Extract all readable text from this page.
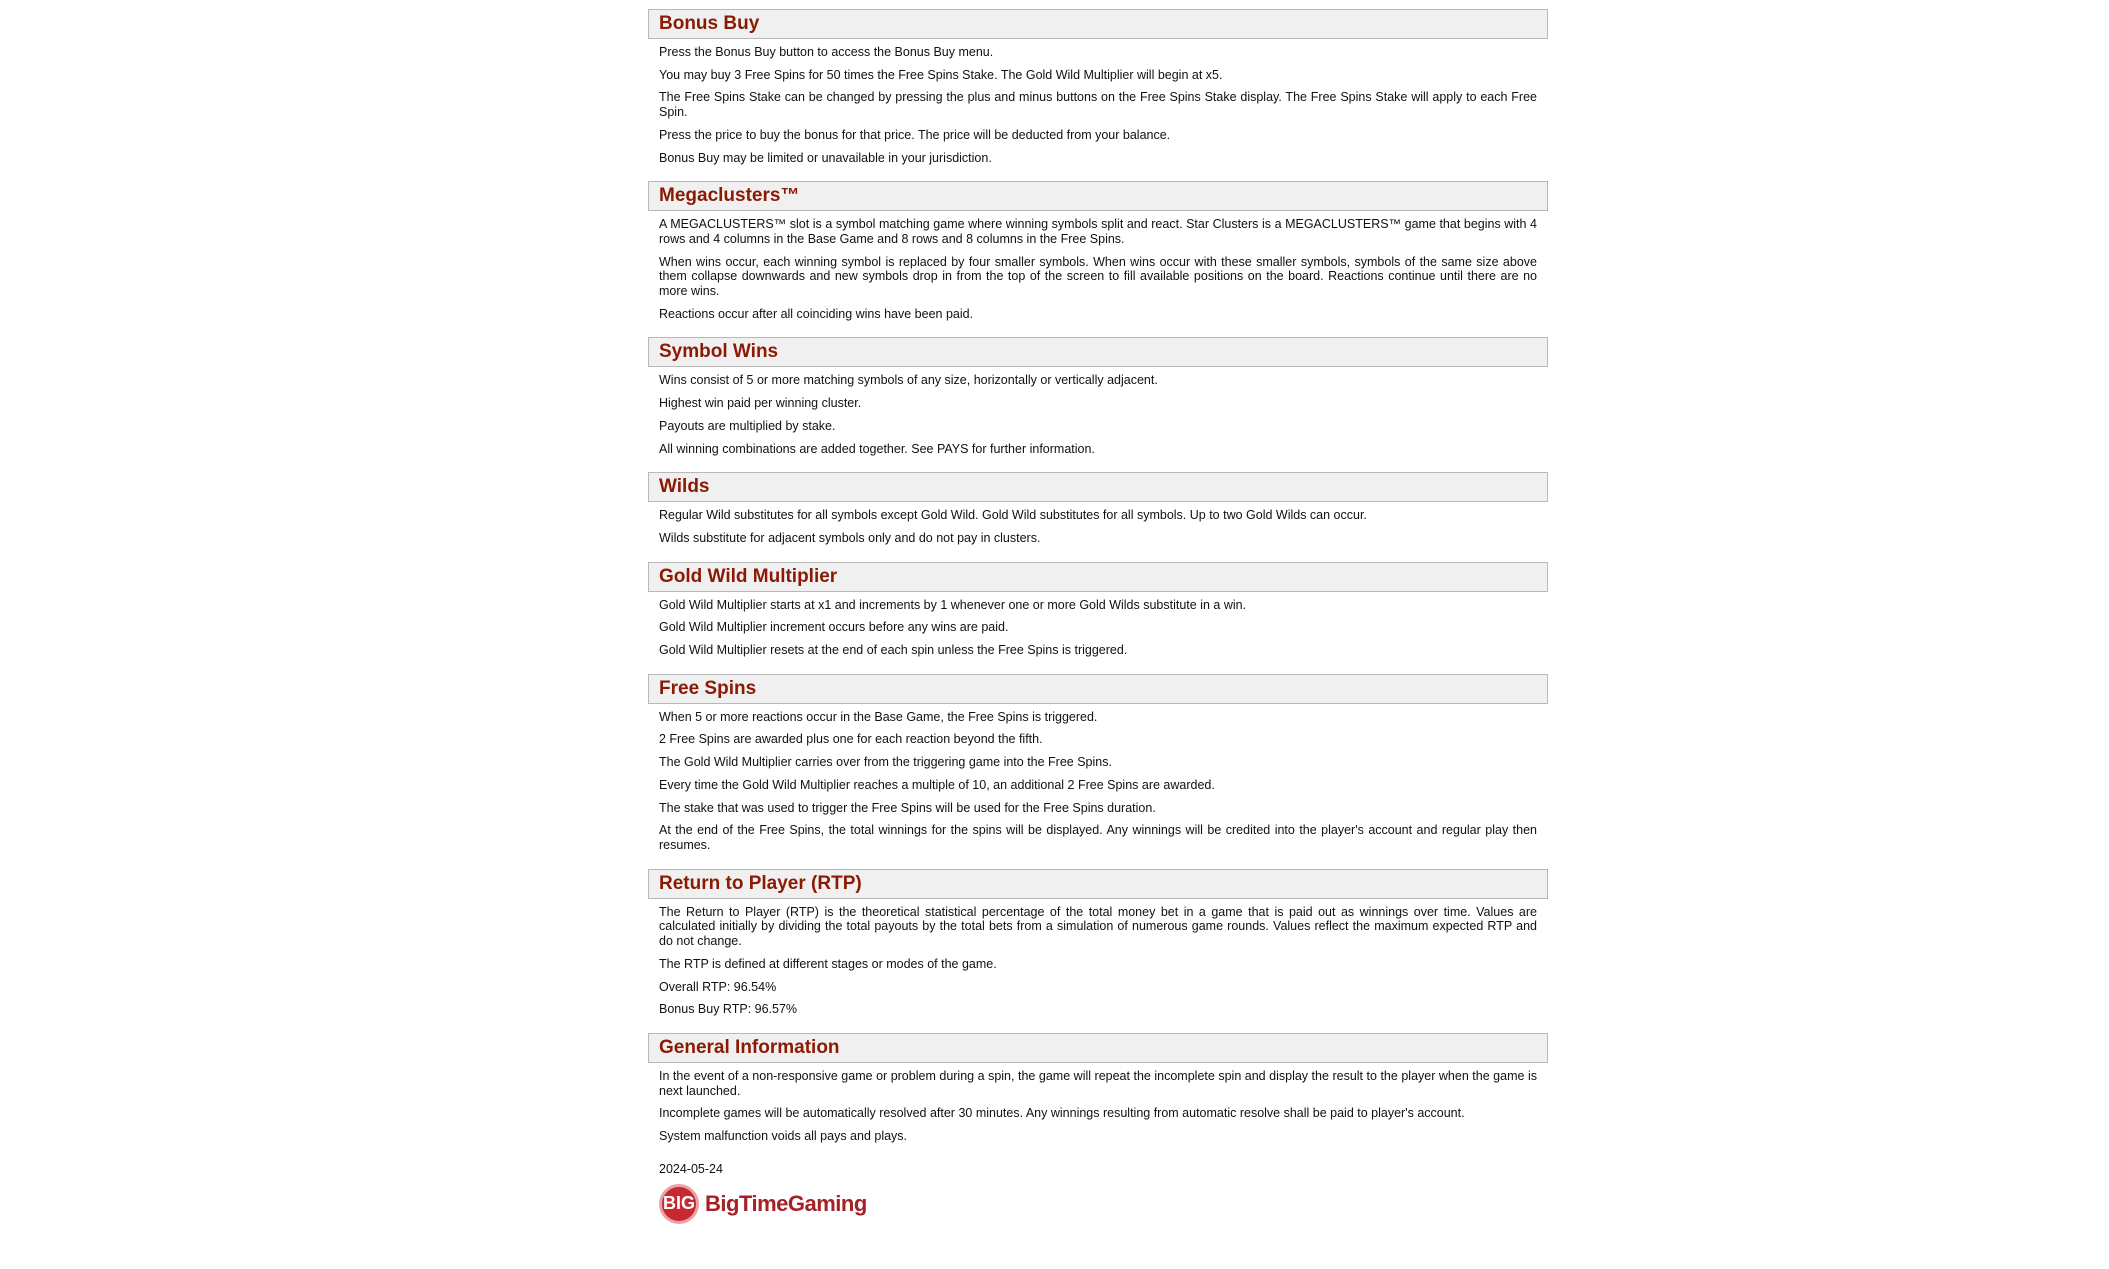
Bonus Buy

Press the Bonus Buy button to access the Bonus Buy menu.

You may buy 3 Free Spins for 50 times the Free Spins Stake. The Gold Wild Multiplier will begin at x5.

The Free Spins Stake can be changed by pressing the plus and minus buttons on the Free Spins Stake display. The Free Spins Stake will apply to each Free Spin.

Press the price to buy the bonus for that price. The price will be deducted from your balance.

Bonus Buy may be limited or unavailable in your jurisdiction.

Megaclusters™

A MEGACLUSTERS™ slot is a symbol matching game where winning symbols split and react. Star Clusters is a MEGACLUSTERS™ game that begins with 4 rows and 4 columns in the Base Game and 8 rows and 8 columns in the Free Spins.

When wins occur, each winning symbol is replaced by four smaller symbols. When wins occur with these smaller symbols, symbols of the same size above them collapse downwards and new symbols drop in from the top of the screen to fill available positions on the board. Reactions continue until there are no more wins.

Reactions occur after all coinciding wins have been paid.

Symbol Wins

Wins consist of 5 or more matching symbols of any size, horizontally or vertically adjacent.

Highest win paid per winning cluster.

Payouts are multiplied by stake.

All winning combinations are added together. See PAYS for further information.

Wilds

Regular Wild substitutes for all symbols except Gold Wild. Gold Wild substitutes for all symbols. Up to two Gold Wilds can occur.

Wilds substitute for adjacent symbols only and do not pay in clusters.

Gold Wild Multiplier

Gold Wild Multiplier starts at x1 and increments by 1 whenever one or more Gold Wilds substitute in a win.

Gold Wild Multiplier increment occurs before any wins are paid.

Gold Wild Multiplier resets at the end of each spin unless the Free Spins is triggered.

Free Spins

When 5 or more reactions occur in the Base Game, the Free Spins is triggered.

2 Free Spins are awarded plus one for each reaction beyond the fifth.

The Gold Wild Multiplier carries over from the triggering game into the Free Spins.

Every time the Gold Wild Multiplier reaches a multiple of 10, an additional 2 Free Spins are awarded.

The stake that was used to trigger the Free Spins will be used for the Free Spins duration.

At the end of the Free Spins, the total winnings for the spins will be displayed. Any winnings will be credited into the player's account and regular play then resumes.

Return to Player (RTP)

The Return to Player (RTP) is the theoretical statistical percentage of the total money bet in a game that is paid out as winnings over time. Values are calculated initially by dividing the total payouts by the total bets from a simulation of numerous game rounds. Values reflect the maximum expected RTP and do not change.

The RTP is defined at different stages or modes of the game.

Overall RTP: 96.54%

Bonus Buy RTP: 96.57%

General Information

In the event of a non-responsive game or problem during a spin, the game will repeat the incomplete spin and display the result to the player when the game is next launched.

Incomplete games will be automatically resolved after 30 minutes. Any winnings resulting from automatic resolve shall be paid to player's account.

System malfunction voids all pays and plays.

2024-05-24

BIG BigTimeGaming
